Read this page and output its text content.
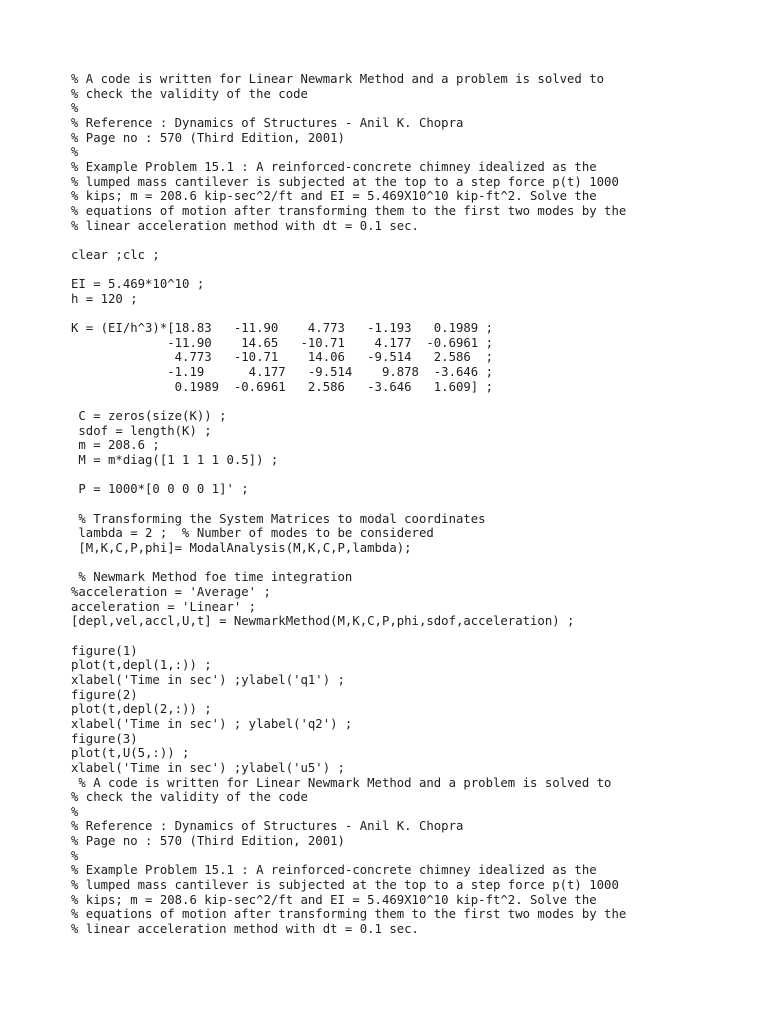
% A code is written for Linear Newmark Method and a problem is solved to
% check the validity of the code
%
% Reference : Dynamics of Structures - Anil K. Chopra
% Page no : 570 (Third Edition, 2001)
%
% Example Problem 15.1 : A reinforced-concrete chimney idealized as the
% lumped mass cantilever is subjected at the top to a step force p(t) 1000
% kips; m = 208.6 kip-sec^2/ft and EI = 5.469X10^10 kip-ft^2. Solve the
% equations of motion after transforming them to the first two modes by the
% linear acceleration method with dt = 0.1 sec.

clear ;clc ;

EI = 5.469*10^10 ;
h = 120 ;

K = (EI/h^3)*[18.83   -11.90    4.773   -1.193   0.1989 ;
-11.90    14.65   -10.71    4.177  -0.6961 ;
4.773   -10.71    14.06   -9.514   2.586  ;
-1.19      4.177   -9.514    9.878  -3.646 ;
0.1989  -0.6961   2.586   -3.646   1.609] ;

C = zeros(size(K)) ;
sdof = length(K) ;
m = 208.6 ;
M = m*diag([1 1 1 1 0.5]) ;

P = 1000*[0 0 0 0 1]' ;

% Transforming the System Matrices to modal coordinates
lambda = 2 ;  % Number of modes to be considered
[M,K,C,P,phi]= ModalAnalysis(M,K,C,P,lambda);

% Newmark Method foe time integration
%acceleration = 'Average' ;
acceleration = 'Linear' ;
[depl,vel,accl,U,t] = NewmarkMethod(M,K,C,P,phi,sdof,acceleration) ;

figure(1)
plot(t,depl(1,:)) ;
xlabel('Time in sec') ;ylabel('q1') ;
figure(2)
plot(t,depl(2,:)) ;
xlabel('Time in sec') ; ylabel('q2') ;
figure(3)
plot(t,U(5,:)) ;
xlabel('Time in sec') ;ylabel('u5') ;
% A code is written for Linear Newmark Method and a problem is solved to
% check the validity of the code
%
% Reference : Dynamics of Structures - Anil K. Chopra
% Page no : 570 (Third Edition, 2001)
%
% Example Problem 15.1 : A reinforced-concrete chimney idealized as the
% lumped mass cantilever is subjected at the top to a step force p(t) 1000
% kips; m = 208.6 kip-sec^2/ft and EI = 5.469X10^10 kip-ft^2. Solve the
% equations of motion after transforming them to the first two modes by the
% linear acceleration method with dt = 0.1 sec.
